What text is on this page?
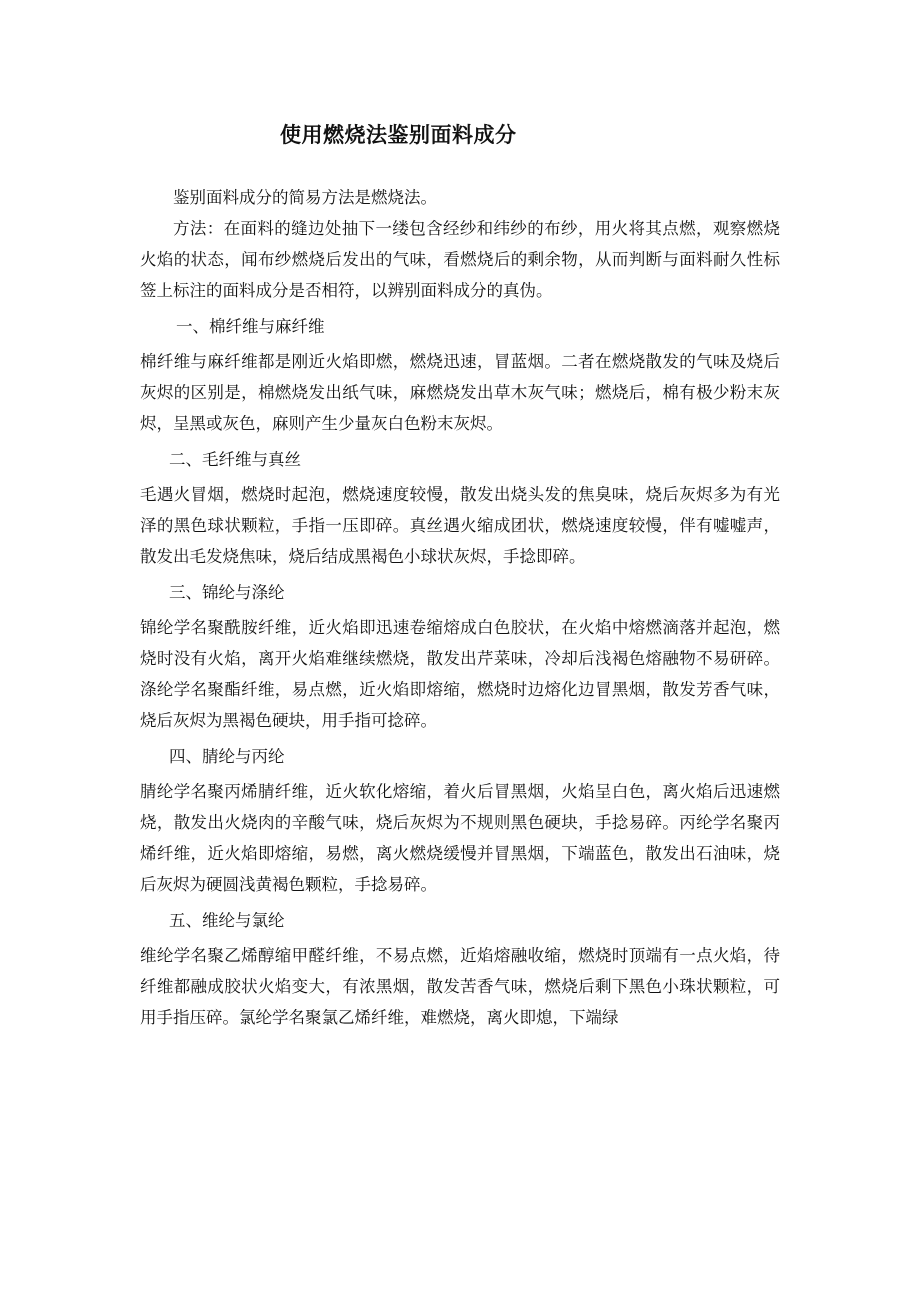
使用燃烧法鉴别面料成分

鉴别面料成分的简易方法是燃烧法。

方法：在面料的缝边处抽下一缕包含经纱和纬纱的布纱，用火将其点燃，观察燃烧火焰的状态，闻布纱燃烧后发出的气味，看燃烧后的剩余物，从而判断与面料耐久性标签上标注的面料成分是否相符，以辨别面料成分的真伪。

一、棉纤维与麻纤维

棉纤维与麻纤维都是刚近火焰即燃，燃烧迅速，冒蓝烟。二者在燃烧散发的气味及烧后灰烬的区别是，棉燃烧发出纸气味，麻燃烧发出草木灰气味；燃烧后，棉有极少粉末灰烬，呈黑或灰色，麻则产生少量灰白色粉末灰烬。

二、毛纤维与真丝

毛遇火冒烟，燃烧时起泡，燃烧速度较慢，散发出烧头发的焦臭味，烧后灰烬多为有光泽的黑色球状颗粒，手指一压即碎。真丝遇火缩成团状，燃烧速度较慢，伴有嘘嘘声，散发出毛发烧焦味，烧后结成黑褐色小球状灰烬，手捻即碎。

三、锦纶与涤纶

锦纶学名聚酰胺纤维，近火焰即迅速卷缩熔成白色胶状，在火焰中熔燃滴落并起泡，燃烧时没有火焰，离开火焰难继续燃烧，散发出芹菜味，冷却后浅褐色熔融物不易研碎。涤纶学名聚酯纤维，易点燃，近火焰即熔缩，燃烧时边熔化边冒黑烟，散发芳香气味，烧后灰烬为黑褐色硬块，用手指可捻碎。

四、腈纶与丙纶

腈纶学名聚丙烯腈纤维，近火软化熔缩，着火后冒黑烟，火焰呈白色，离火焰后迅速燃烧，散发出火烧肉的辛酸气味，烧后灰烬为不规则黑色硬块，手捻易碎。丙纶学名聚丙烯纤维，近火焰即熔缩，易燃，离火燃烧缓慢并冒黑烟，下端蓝色，散发出石油味，烧后灰烬为硬圆浅黄褐色颗粒，手捻易碎。

五、维纶与氯纶

维纶学名聚乙烯醇缩甲醛纤维，不易点燃，近焰熔融收缩，燃烧时顶端有一点火焰，待纤维都融成胶状火焰变大，有浓黑烟，散发苦香气味，燃烧后剩下黑色小珠状颗粒，可用手指压碎。氯纶学名聚氯乙烯纤维，难燃烧，离火即熄，下端绿
